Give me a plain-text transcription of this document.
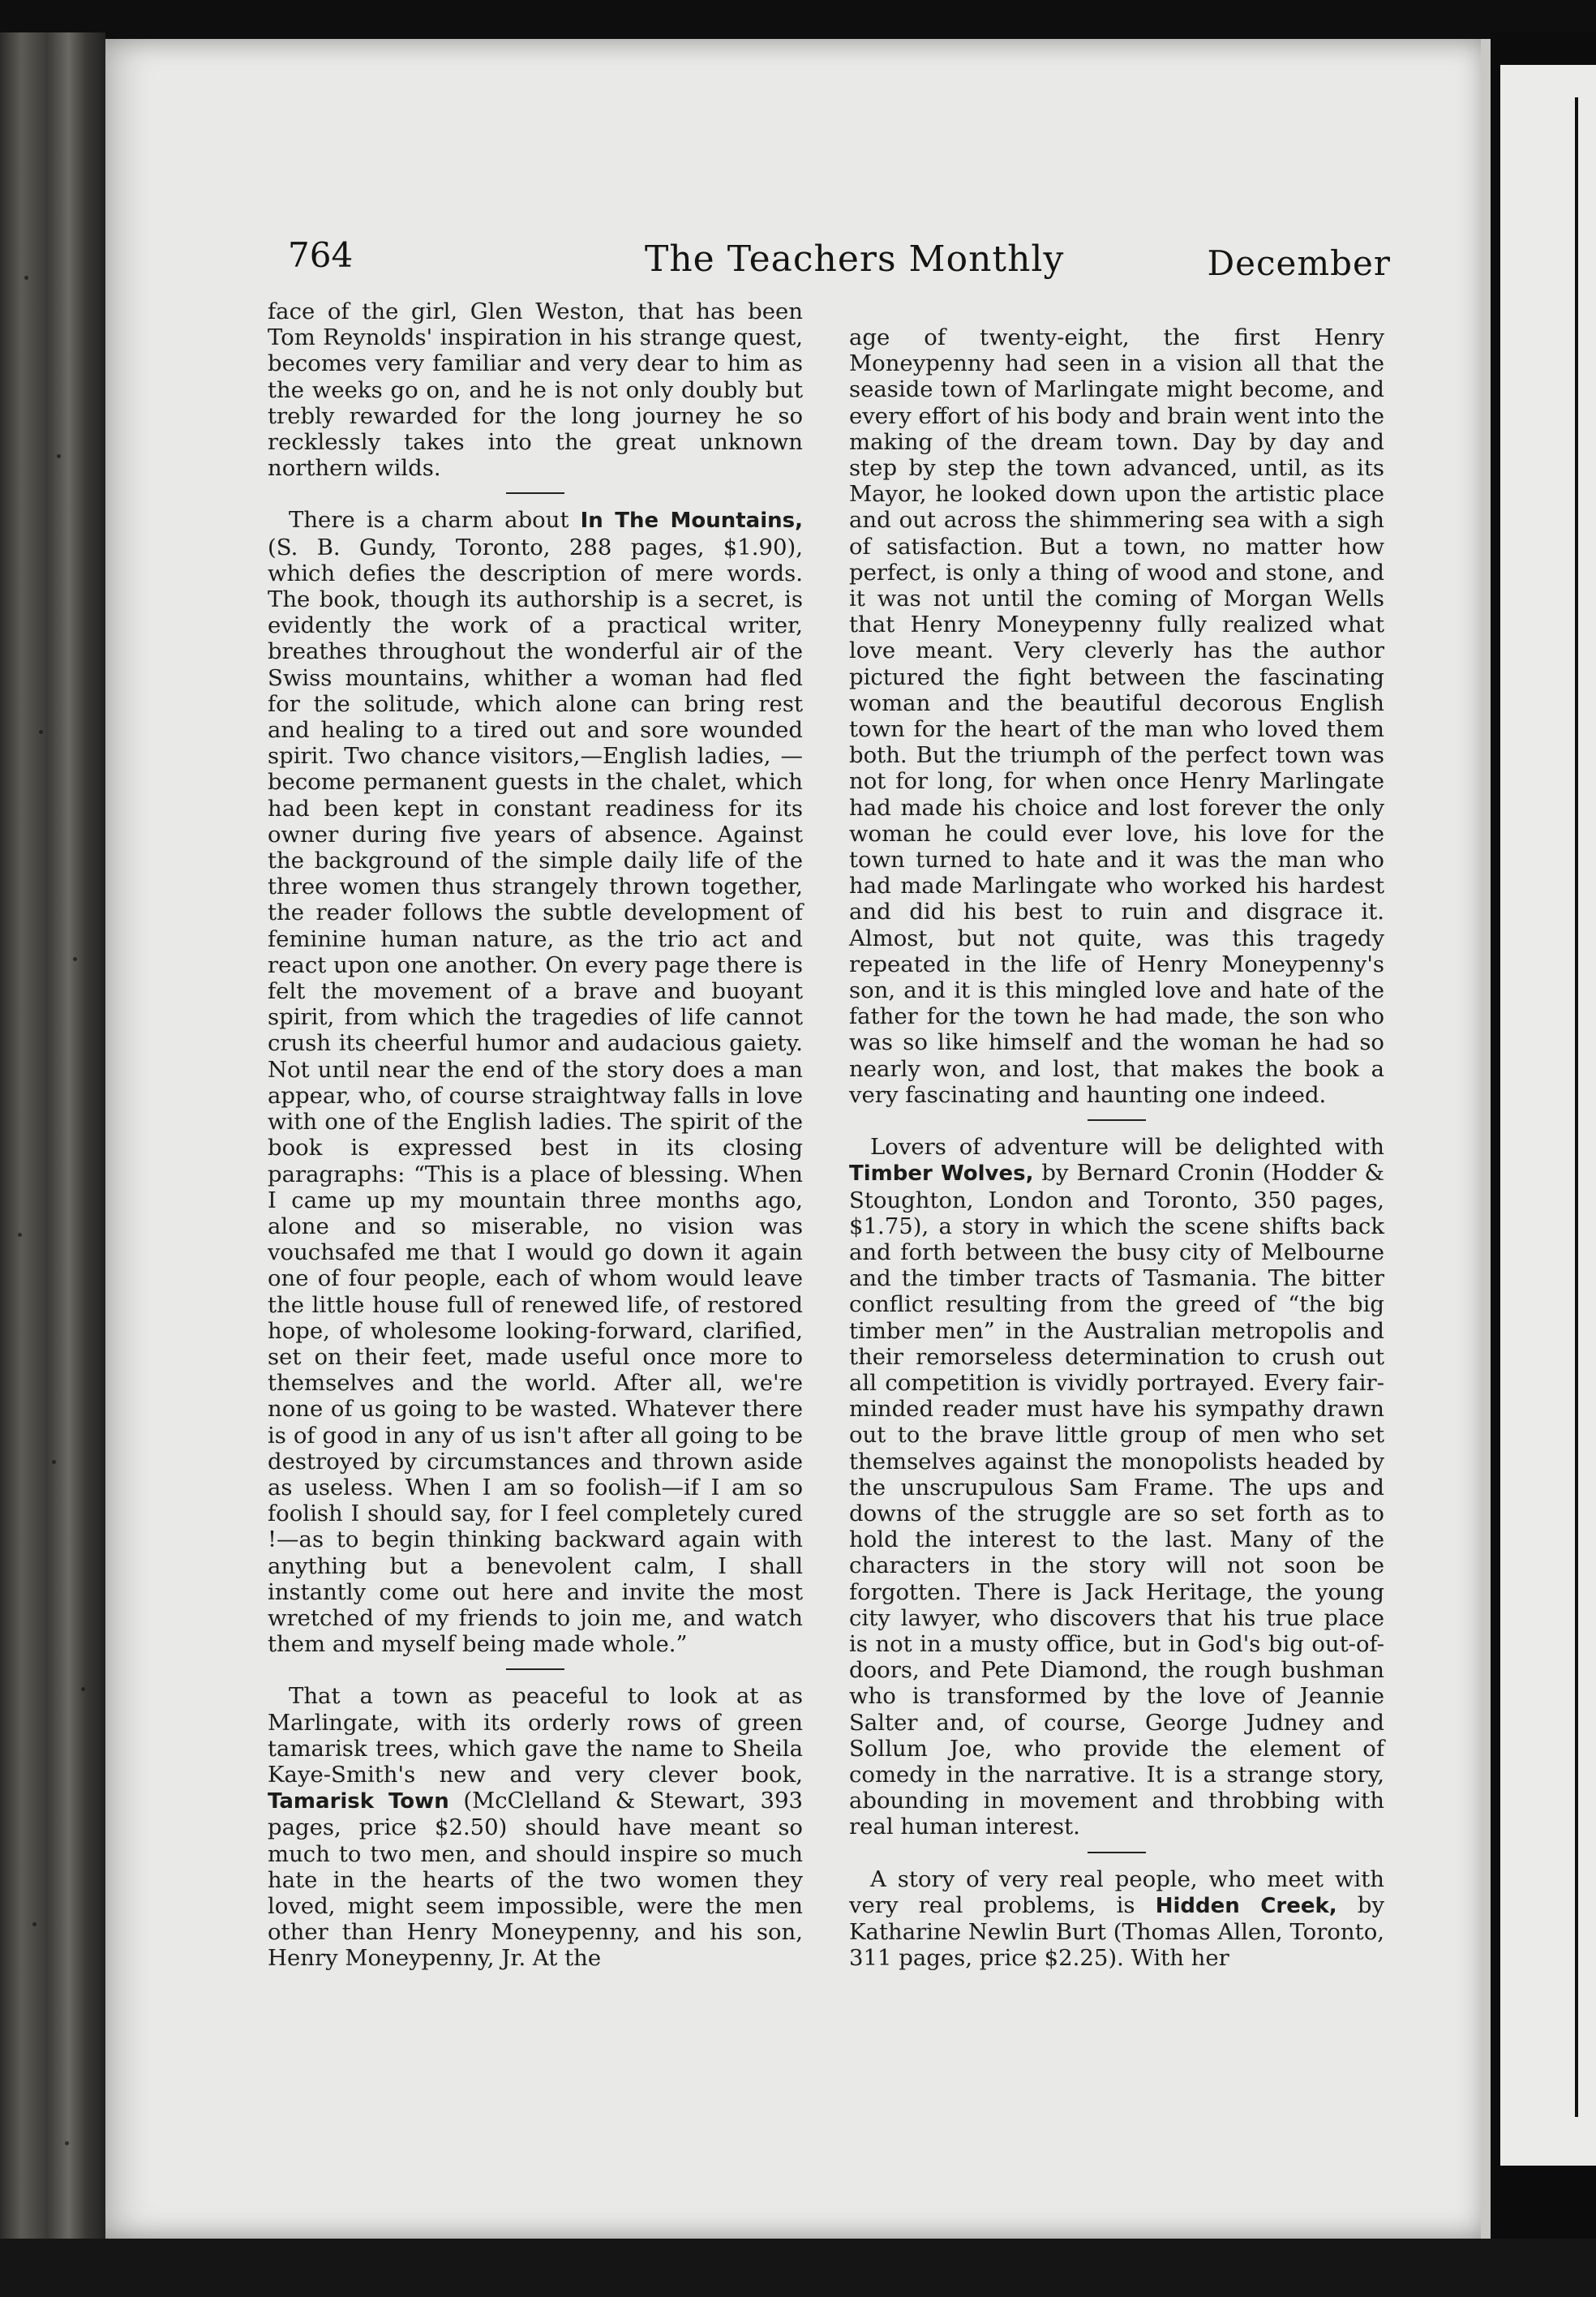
764	The Teachers Monthly	December

face of the girl, Glen Weston, that has been Tom Reynolds' inspiration in his strange quest, becomes very familiar and very dear to him as the weeks go on, and he is not only doubly but trebly rewarded for the long journey he so recklessly takes into the great unknown northern wilds.

There is a charm about In The Mountains, (S. B. Gundy, Toronto, 288 pages, $1.90), which defies the description of mere words. The book, though its authorship is a secret, is evidently the work of a practical writer, breathes throughout the wonderful air of the Swiss mountains, whither a woman had fled for the solitude, which alone can bring rest and healing to a tired out and sore wounded spirit. Two chance visitors,—English ladies, —become permanent guests in the chalet, which had been kept in constant readiness for its owner during five years of absence. Against the background of the simple daily life of the three women thus strangely thrown together, the reader follows the subtle development of feminine human nature, as the trio act and react upon one another. On every page there is felt the movement of a brave and buoyant spirit, from which the tragedies of life cannot crush its cheerful humor and audacious gaiety. Not until near the end of the story does a man appear, who, of course straightway falls in love with one of the English ladies. The spirit of the book is expressed best in its closing paragraphs: “This is a place of blessing. When I came up my mountain three months ago, alone and so miserable, no vision was vouchsafed me that I would go down it again one of four people, each of whom would leave the little house full of renewed life, of restored hope, of wholesome looking-forward, clarified, set on their feet, made useful once more to themselves and the world. After all, we're none of us going to be wasted. Whatever there is of good in any of us isn't after all going to be destroyed by circumstances and thrown aside as useless. When I am so foolish—if I am so foolish I should say, for I feel completely cured !—as to begin thinking backward again with anything but a benevolent calm, I shall instantly come out here and invite the most wretched of my friends to join me, and watch them and myself being made whole.”

That a town as peaceful to look at as Marlingate, with its orderly rows of green tamarisk trees, which gave the name to Sheila Kaye-Smith's new and very clever book, Tamarisk Town (McClelland & Stewart, 393 pages, price $2.50) should have meant so much to two men, and should inspire so much hate in the hearts of the two women they loved, might seem impossible, were the men other than Henry Moneypenny, and his son, Henry Moneypenny, Jr. At the

age of twenty-eight, the first Henry Moneypenny had seen in a vision all that the seaside town of Marlingate might become, and every effort of his body and brain went into the making of the dream town. Day by day and step by step the town advanced, until, as its Mayor, he looked down upon the artistic place and out across the shimmering sea with a sigh of satisfaction. But a town, no matter how perfect, is only a thing of wood and stone, and it was not until the coming of Morgan Wells that Henry Moneypenny fully realized what love meant. Very cleverly has the author pictured the fight between the fascinating woman and the beautiful decorous English town for the heart of the man who loved them both. But the triumph of the perfect town was not for long, for when once Henry Marlingate had made his choice and lost forever the only woman he could ever love, his love for the town turned to hate and it was the man who had made Marlingate who worked his hardest and did his best to ruin and disgrace it. Almost, but not quite, was this tragedy repeated in the life of Henry Moneypenny's son, and it is this mingled love and hate of the father for the town he had made, the son who was so like himself and the woman he had so nearly won, and lost, that makes the book a very fascinating and haunting one indeed.

Lovers of adventure will be delighted with Timber Wolves, by Bernard Cronin (Hodder & Stoughton, London and Toronto, 350 pages, $1.75), a story in which the scene shifts back and forth between the busy city of Melbourne and the timber tracts of Tasmania. The bitter conflict resulting from the greed of “the big timber men” in the Australian metropolis and their remorseless determination to crush out all competition is vividly portrayed. Every fair-minded reader must have his sympathy drawn out to the brave little group of men who set themselves against the monopolists headed by the unscrupulous Sam Frame. The ups and downs of the struggle are so set forth as to hold the interest to the last. Many of the characters in the story will not soon be forgotten. There is Jack Heritage, the young city lawyer, who discovers that his true place is not in a musty office, but in God's big out-of-doors, and Pete Diamond, the rough bushman who is transformed by the love of Jeannie Salter and, of course, George Judney and Sollum Joe, who provide the element of comedy in the narrative. It is a strange story, abounding in movement and throbbing with real human interest.

A story of very real people, who meet with very real problems, is Hidden Creek, by Katharine Newlin Burt (Thomas Allen, Toronto, 311 pages, price $2.25). With her
